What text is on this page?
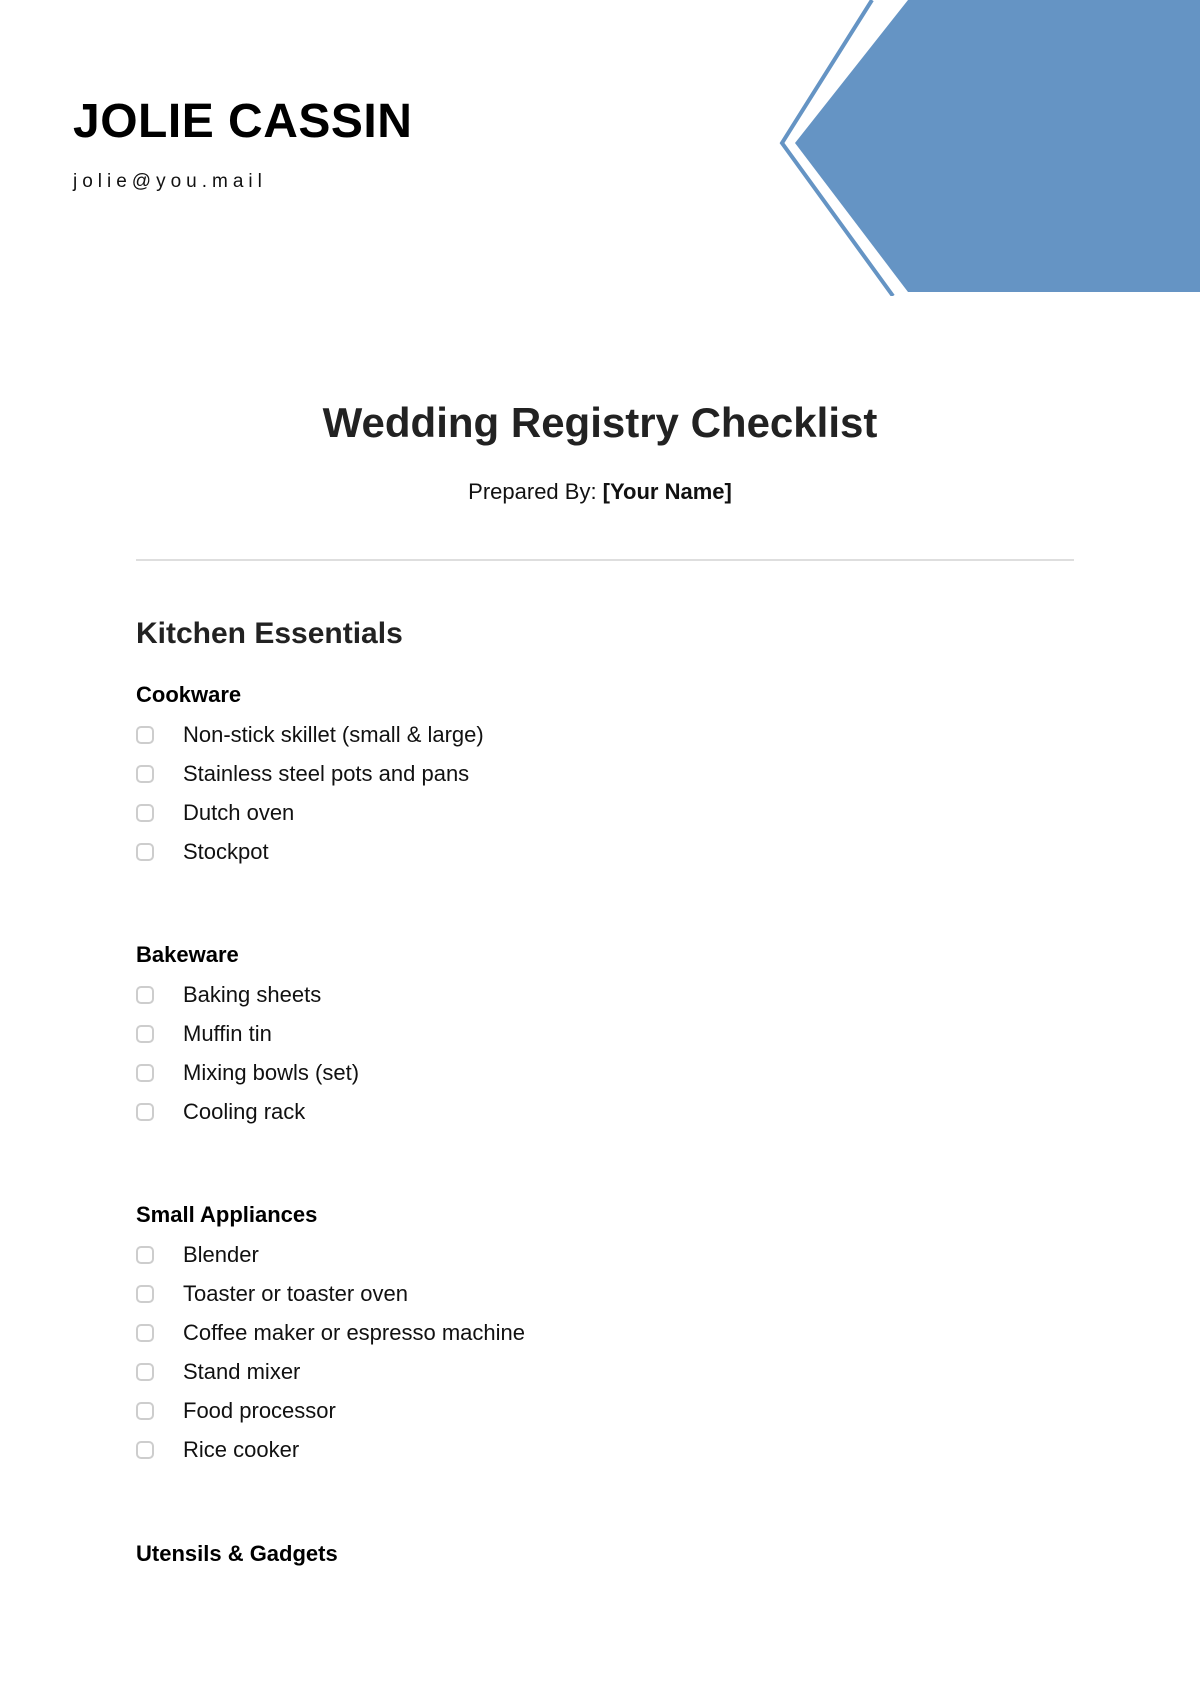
JOLIE CASSIN
jolie@you.mail
Wedding Registry Checklist
Prepared By: [Your Name]
Kitchen Essentials
Cookware
Non-stick skillet (small & large)
Stainless steel pots and pans
Dutch oven
Stockpot
Bakeware
Baking sheets
Muffin tin
Mixing bowls (set)
Cooling rack
Small Appliances
Blender
Toaster or toaster oven
Coffee maker or espresso machine
Stand mixer
Food processor
Rice cooker
Utensils & Gadgets
